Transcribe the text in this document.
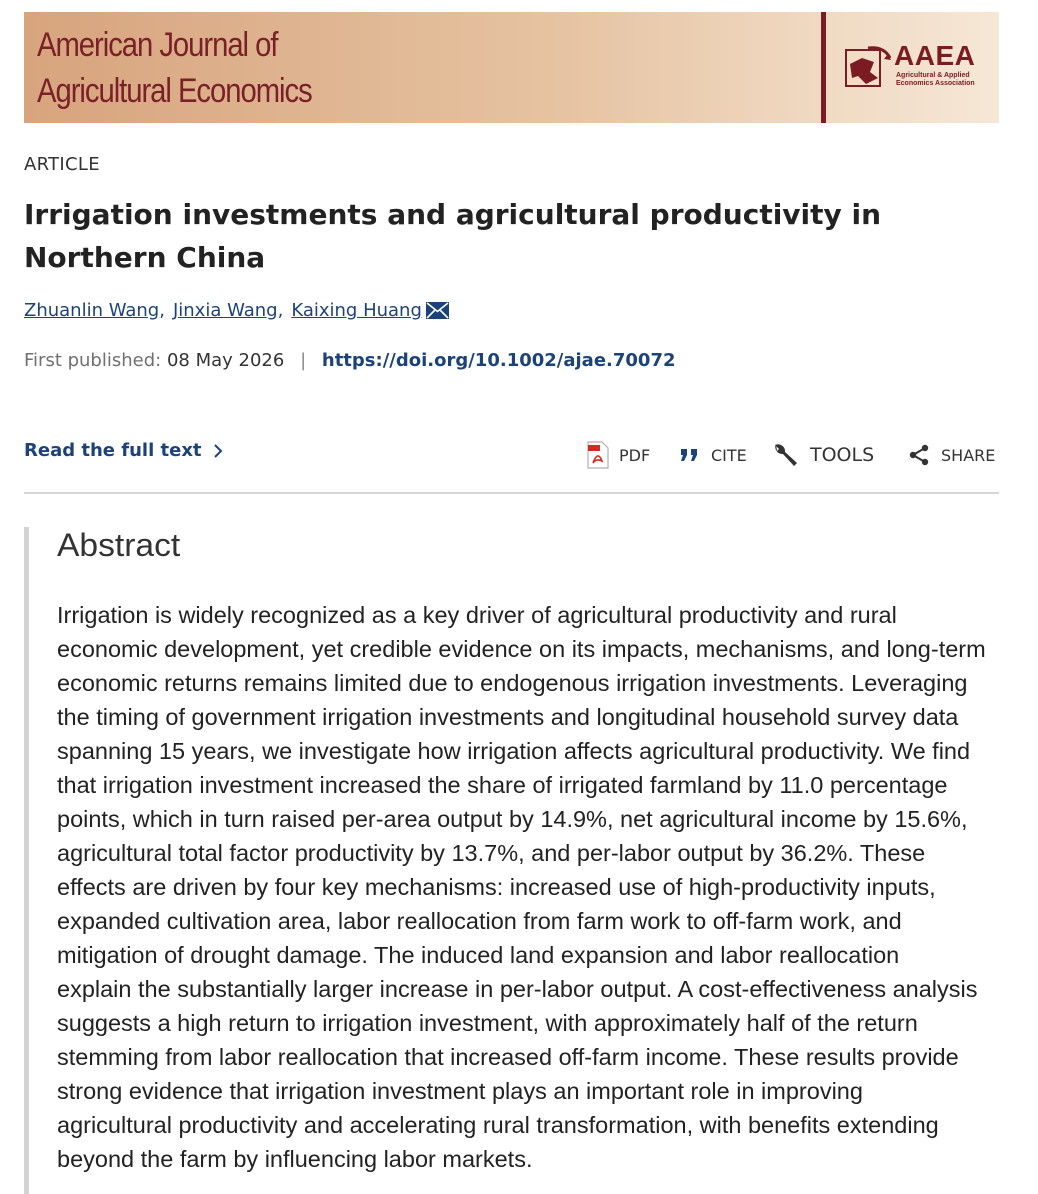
American Journal of
Agricultural Economics
AAEA
Agricultural & Applied
Economics Association
ARTICLE
Irrigation investments and agricultural productivity in Northern China
Zhuanlin Wang , Jinxia Wang , Kaixing Huang
First published: 08 May 2026 | https://doi.org/10.1002/ajae.70072
Read the full text	PDF	CITE	TOOLS	SHARE
Abstract

Irrigation is widely recognized as a key driver of agricultural productivity and rural
economic development, yet credible evidence on its impacts, mechanisms, and long-term
economic returns remains limited due to endogenous irrigation investments. Leveraging
the timing of government irrigation investments and longitudinal household survey data
spanning 15 years, we investigate how irrigation affects agricultural productivity. We find
that irrigation investment increased the share of irrigated farmland by 11.0 percentage
points, which in turn raised per-area output by 14.9%, net agricultural income by 15.6%,
agricultural total factor productivity by 13.7%, and per-labor output by 36.2%. These
effects are driven by four key mechanisms: increased use of high-productivity inputs,
expanded cultivation area, labor reallocation from farm work to off-farm work, and
mitigation of drought damage. The induced land expansion and labor reallocation
explain the substantially larger increase in per-labor output. A cost-effectiveness analysis
suggests a high return to irrigation investment, with approximately half of the return
stemming from labor reallocation that increased off-farm income. These results provide
strong evidence that irrigation investment plays an important role in improving
agricultural productivity and accelerating rural transformation, with benefits extending
beyond the farm by influencing labor markets.
